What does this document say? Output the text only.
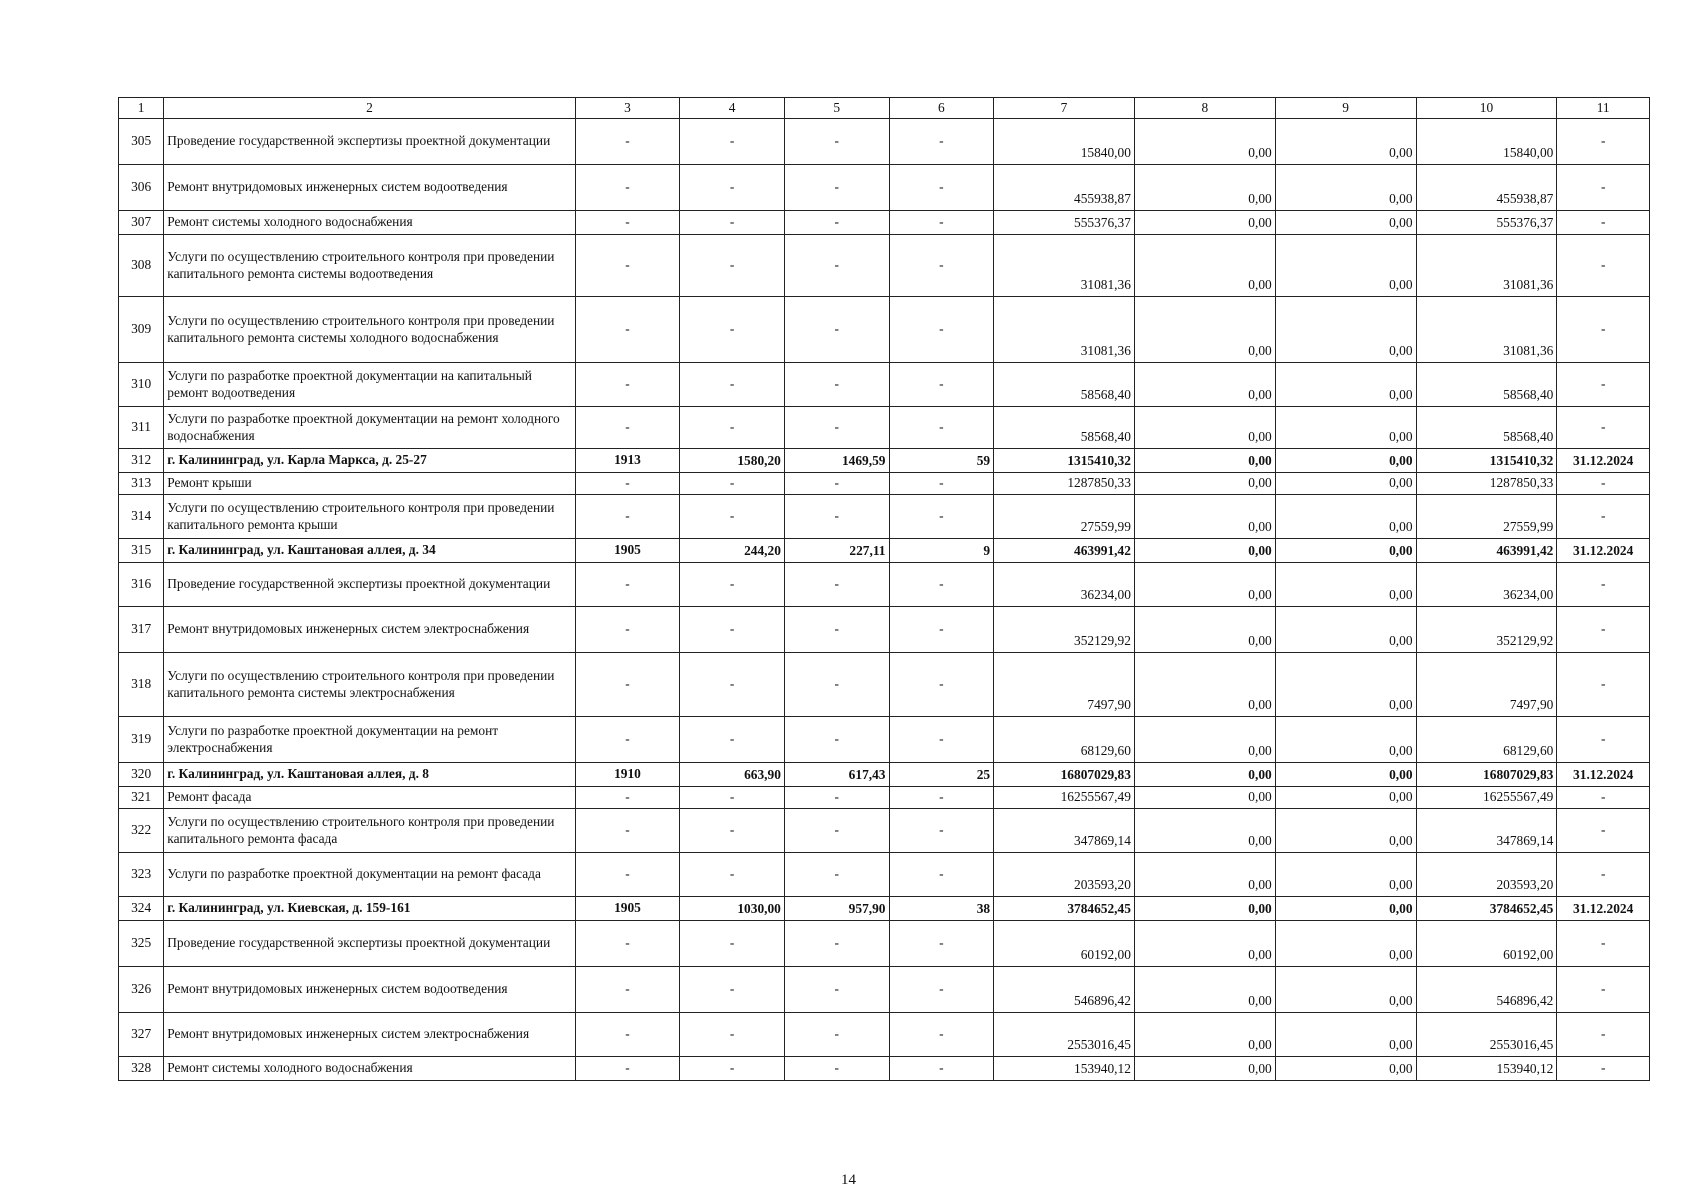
1	2	3	4	5	6	7	8	9	10	11
305	Проведение государственной экспертизы проектной документации	-	-	-	-	15840,00	0,00	0,00	15840,00	-
306	Ремонт внутридомовых инженерных систем водоотведения	-	-	-	-	455938,87	0,00	0,00	455938,87	-
307	Ремонт системы холодного водоснабжения	-	-	-	-	555376,37	0,00	0,00	555376,37	-
308	Услуги по осуществлению строительного контроля при проведении капитального ремонта системы водоотведения	-	-	-	-	31081,36	0,00	0,00	31081,36	-
309	Услуги по осуществлению строительного контроля при проведении капитального ремонта системы холодного водоснабжения	-	-	-	-	31081,36	0,00	0,00	31081,36	-
310	Услуги по разработке проектной документации на капитальный ремонт водоотведения	-	-	-	-	58568,40	0,00	0,00	58568,40	-
311	Услуги по разработке проектной документации на ремонт холодного водоснабжения	-	-	-	-	58568,40	0,00	0,00	58568,40	-
312	г. Калининград, ул. Карла Маркса, д. 25-27	1913	1580,20	1469,59	59	1315410,32	0,00	0,00	1315410,32	31.12.2024
313	Ремонт крыши	-	-	-	-	1287850,33	0,00	0,00	1287850,33	-
314	Услуги по осуществлению строительного контроля при проведении капитального ремонта крыши	-	-	-	-	27559,99	0,00	0,00	27559,99	-
315	г. Калининград, ул. Каштановая аллея, д. 34	1905	244,20	227,11	9	463991,42	0,00	0,00	463991,42	31.12.2024
316	Проведение государственной экспертизы проектной документации	-	-	-	-	36234,00	0,00	0,00	36234,00	-
317	Ремонт внутридомовых инженерных систем электроснабжения	-	-	-	-	352129,92	0,00	0,00	352129,92	-
318	Услуги по осуществлению строительного контроля при проведении капитального ремонта системы электроснабжения	-	-	-	-	7497,90	0,00	0,00	7497,90	-
319	Услуги по разработке проектной документации на ремонт электроснабжения	-	-	-	-	68129,60	0,00	0,00	68129,60	-
320	г. Калининград, ул. Каштановая аллея, д. 8	1910	663,90	617,43	25	16807029,83	0,00	0,00	16807029,83	31.12.2024
321	Ремонт фасада	-	-	-	-	16255567,49	0,00	0,00	16255567,49	-
322	Услуги по осуществлению строительного контроля при проведении капитального ремонта фасада	-	-	-	-	347869,14	0,00	0,00	347869,14	-
323	Услуги по разработке проектной документации на ремонт фасада	-	-	-	-	203593,20	0,00	0,00	203593,20	-
324	г. Калининград, ул. Киевская, д. 159-161	1905	1030,00	957,90	38	3784652,45	0,00	0,00	3784652,45	31.12.2024
325	Проведение государственной экспертизы проектной документации	-	-	-	-	60192,00	0,00	0,00	60192,00	-
326	Ремонт внутридомовых инженерных систем водоотведения	-	-	-	-	546896,42	0,00	0,00	546896,42	-
327	Ремонт внутридомовых инженерных систем электроснабжения	-	-	-	-	2553016,45	0,00	0,00	2553016,45	-
328	Ремонт системы холодного водоснабжения	-	-	-	-	153940,12	0,00	0,00	153940,12	-
14
